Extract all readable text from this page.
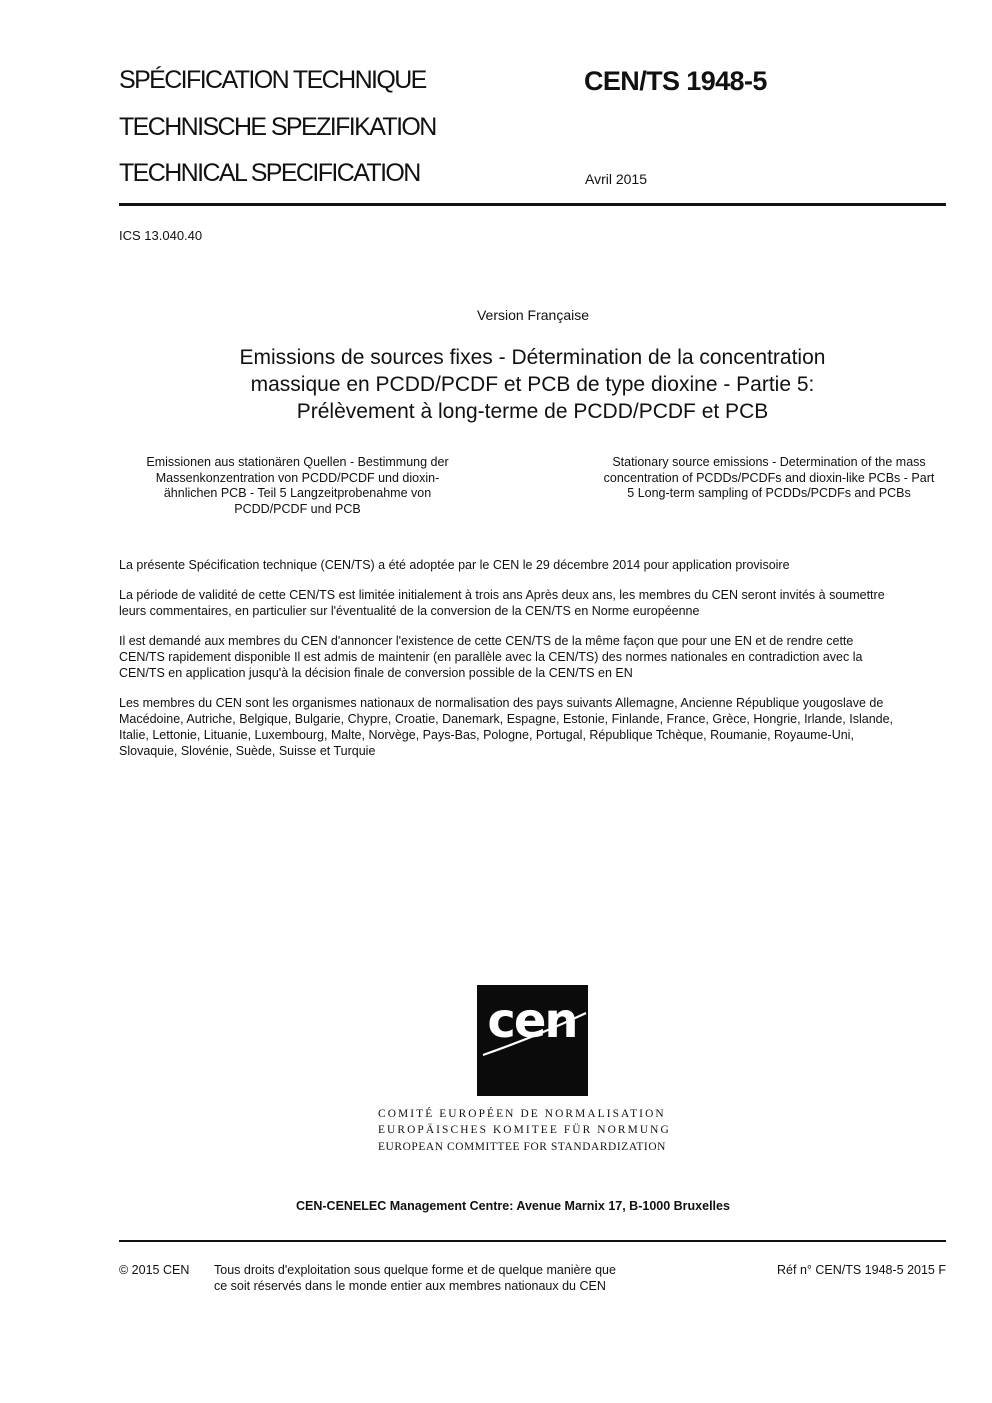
SPÉCIFICATION TECHNIQUE
TECHNISCHE SPEZIFIKATION
TECHNICAL SPECIFICATION
CEN/TS 1948-5
Avril 2015
ICS 13.040.40
Version Française
Emissions de sources fixes - Détermination de la concentration
massique en PCDD/PCDF et PCB de type dioxine - Partie 5:
Prélèvement à long-terme de PCDD/PCDF et PCB
Emissionen aus stationären Quellen - Bestimmung der
Massenkonzentration von PCDD/PCDF und dioxin-
ähnlichen PCB - Teil 5 Langzeitprobenahme von
PCDD/PCDF und PCB
Stationary source emissions - Determination of the mass
concentration of PCDDs/PCDFs and dioxin-like PCBs - Part
5 Long-term sampling of PCDDs/PCDFs and PCBs
La présente Spécification technique (CEN/TS) a été adoptée par le CEN le 29 décembre 2014 pour application provisoire
La période de validité de cette CEN/TS est limitée initialement à trois ans Après deux ans, les membres du CEN seront invités à soumettre
leurs commentaires, en particulier sur l'éventualité de la conversion de la CEN/TS en Norme européenne
Il est demandé aux membres du CEN d'annoncer l'existence de cette CEN/TS de la même façon que pour une EN et de rendre cette
CEN/TS rapidement disponible Il est admis de maintenir (en parallèle avec la CEN/TS) des normes nationales en contradiction avec la
CEN/TS en application jusqu'à la décision finale de conversion possible de la CEN/TS en EN
Les membres du CEN sont les organismes nationaux de normalisation des pays suivants Allemagne, Ancienne République yougoslave de
Macédoine, Autriche, Belgique, Bulgarie, Chypre, Croatie, Danemark, Espagne, Estonie, Finlande, France, Grèce, Hongrie, Irlande, Islande,
Italie, Lettonie, Lituanie, Luxembourg, Malte, Norvège, Pays-Bas, Pologne, Portugal, République Tchèque, Roumanie, Royaume-Uni,
Slovaquie, Slovénie, Suède, Suisse et Turquie
cen
COMITÉ EUROPÉEN DE NORMALISATION
EUROPÄISCHES KOMITEE FÜR NORMUNG
EUROPEAN COMMITTEE FOR STANDARDIZATION
CEN-CENELEC Management Centre: Avenue Marnix 17, B-1000 Bruxelles
© 2015 CEN Tous droits d'exploitation sous quelque forme et de quelque manière que
ce soit réservés dans le monde entier aux membres nationaux du CEN
Réf n° CEN/TS 1948-5 2015 F
